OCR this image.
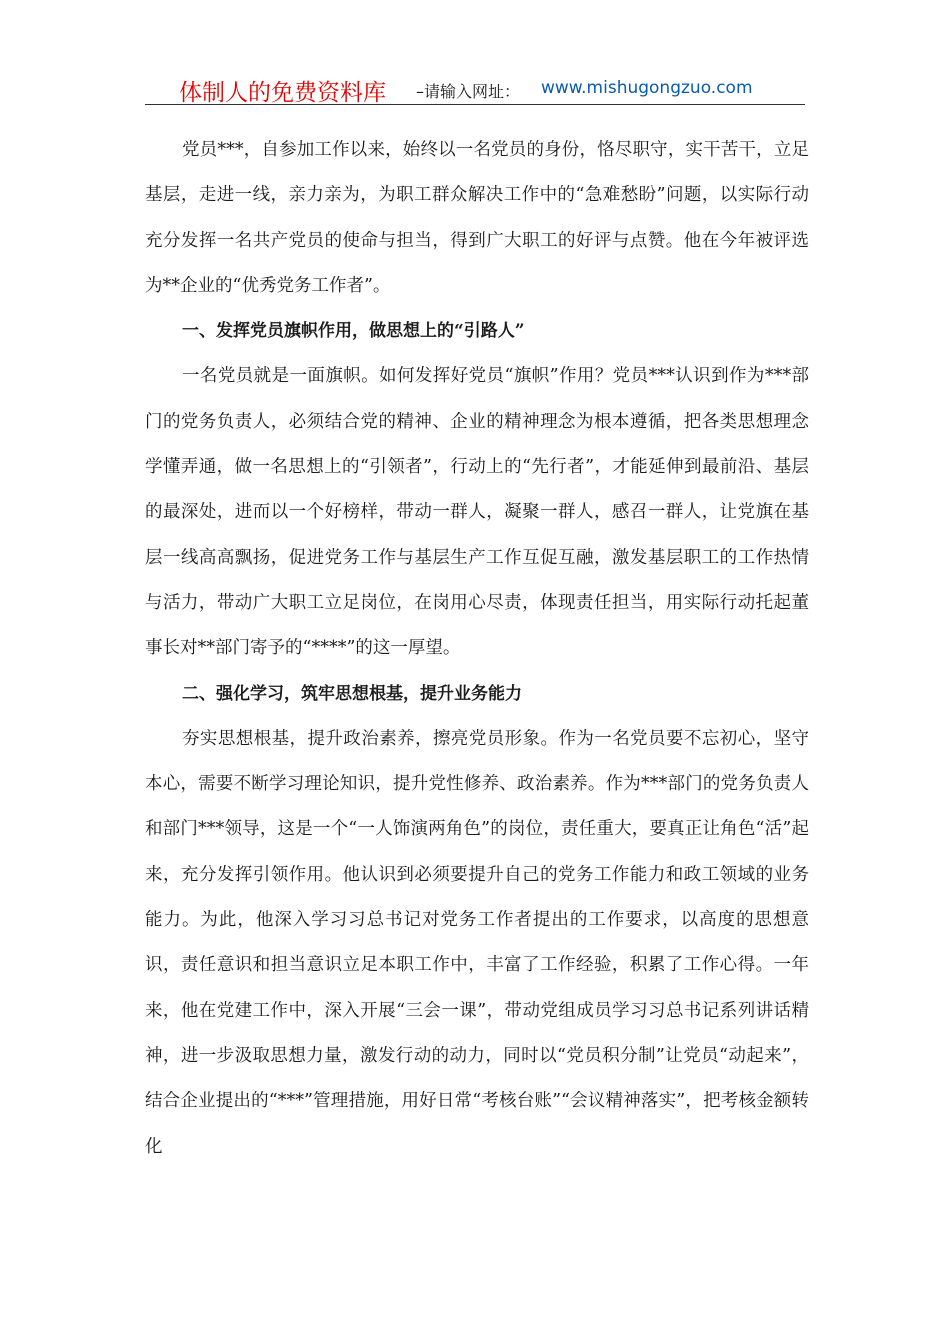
体制人的免费资料库 –请输入网址： www.mishugongzuo.com

党员***，自参加工作以来，始终以一名党员的身份，恪尽职守，实干苦干，立足基层，走进一线，亲力亲为，为职工群众解决工作中的“急难愁盼”问题，以实际行动充分发挥一名共产党员的使命与担当，得到广大职工的好评与点赞。他在今年被评选为**企业的“优秀党务工作者”。

一、发挥党员旗帜作用，做思想上的“引路人”

一名党员就是一面旗帜。如何发挥好党员“旗帜”作用？党员***认识到作为***部门的党务负责人，必须结合党的精神、企业的精神理念为根本遵循，把各类思想理念学懂弄通，做一名思想上的“引领者”，行动上的“先行者”，才能延伸到最前沿、基层的最深处，进而以一个好榜样，带动一群人，凝聚一群人，感召一群人，让党旗在基层一线高高飘扬，促进党务工作与基层生产工作互促互融，激发基层职工的工作热情与活力，带动广大职工立足岗位，在岗用心尽责，体现责任担当，用实际行动托起董事长对**部门寄予的“****”的这一厚望。

二、强化学习，筑牢思想根基，提升业务能力

夯实思想根基，提升政治素养，擦亮党员形象。作为一名党员要不忘初心，坚守本心，需要不断学习理论知识，提升党性修养、政治素养。作为***部门的党务负责人和部门***领导，这是一个“一人饰演两角色”的岗位，责任重大，要真正让角色“活”起来，充分发挥引领作用。他认识到必须要提升自己的党务工作能力和政工领域的业务能力。为此，他深入学习习总书记对党务工作者提出的工作要求，以高度的思想意识，责任意识和担当意识立足本职工作中，丰富了工作经验，积累了工作心得。一年来，他在党建工作中，深入开展“三会一课”，带动党组成员学习习总书记系列讲话精神，进一步汲取思想力量，激发行动的动力，同时以“党员积分制”让党员“动起来”，结合企业提出的“***”管理措施，用好日常“考核台账”“会议精神落实”，把考核金额转化
